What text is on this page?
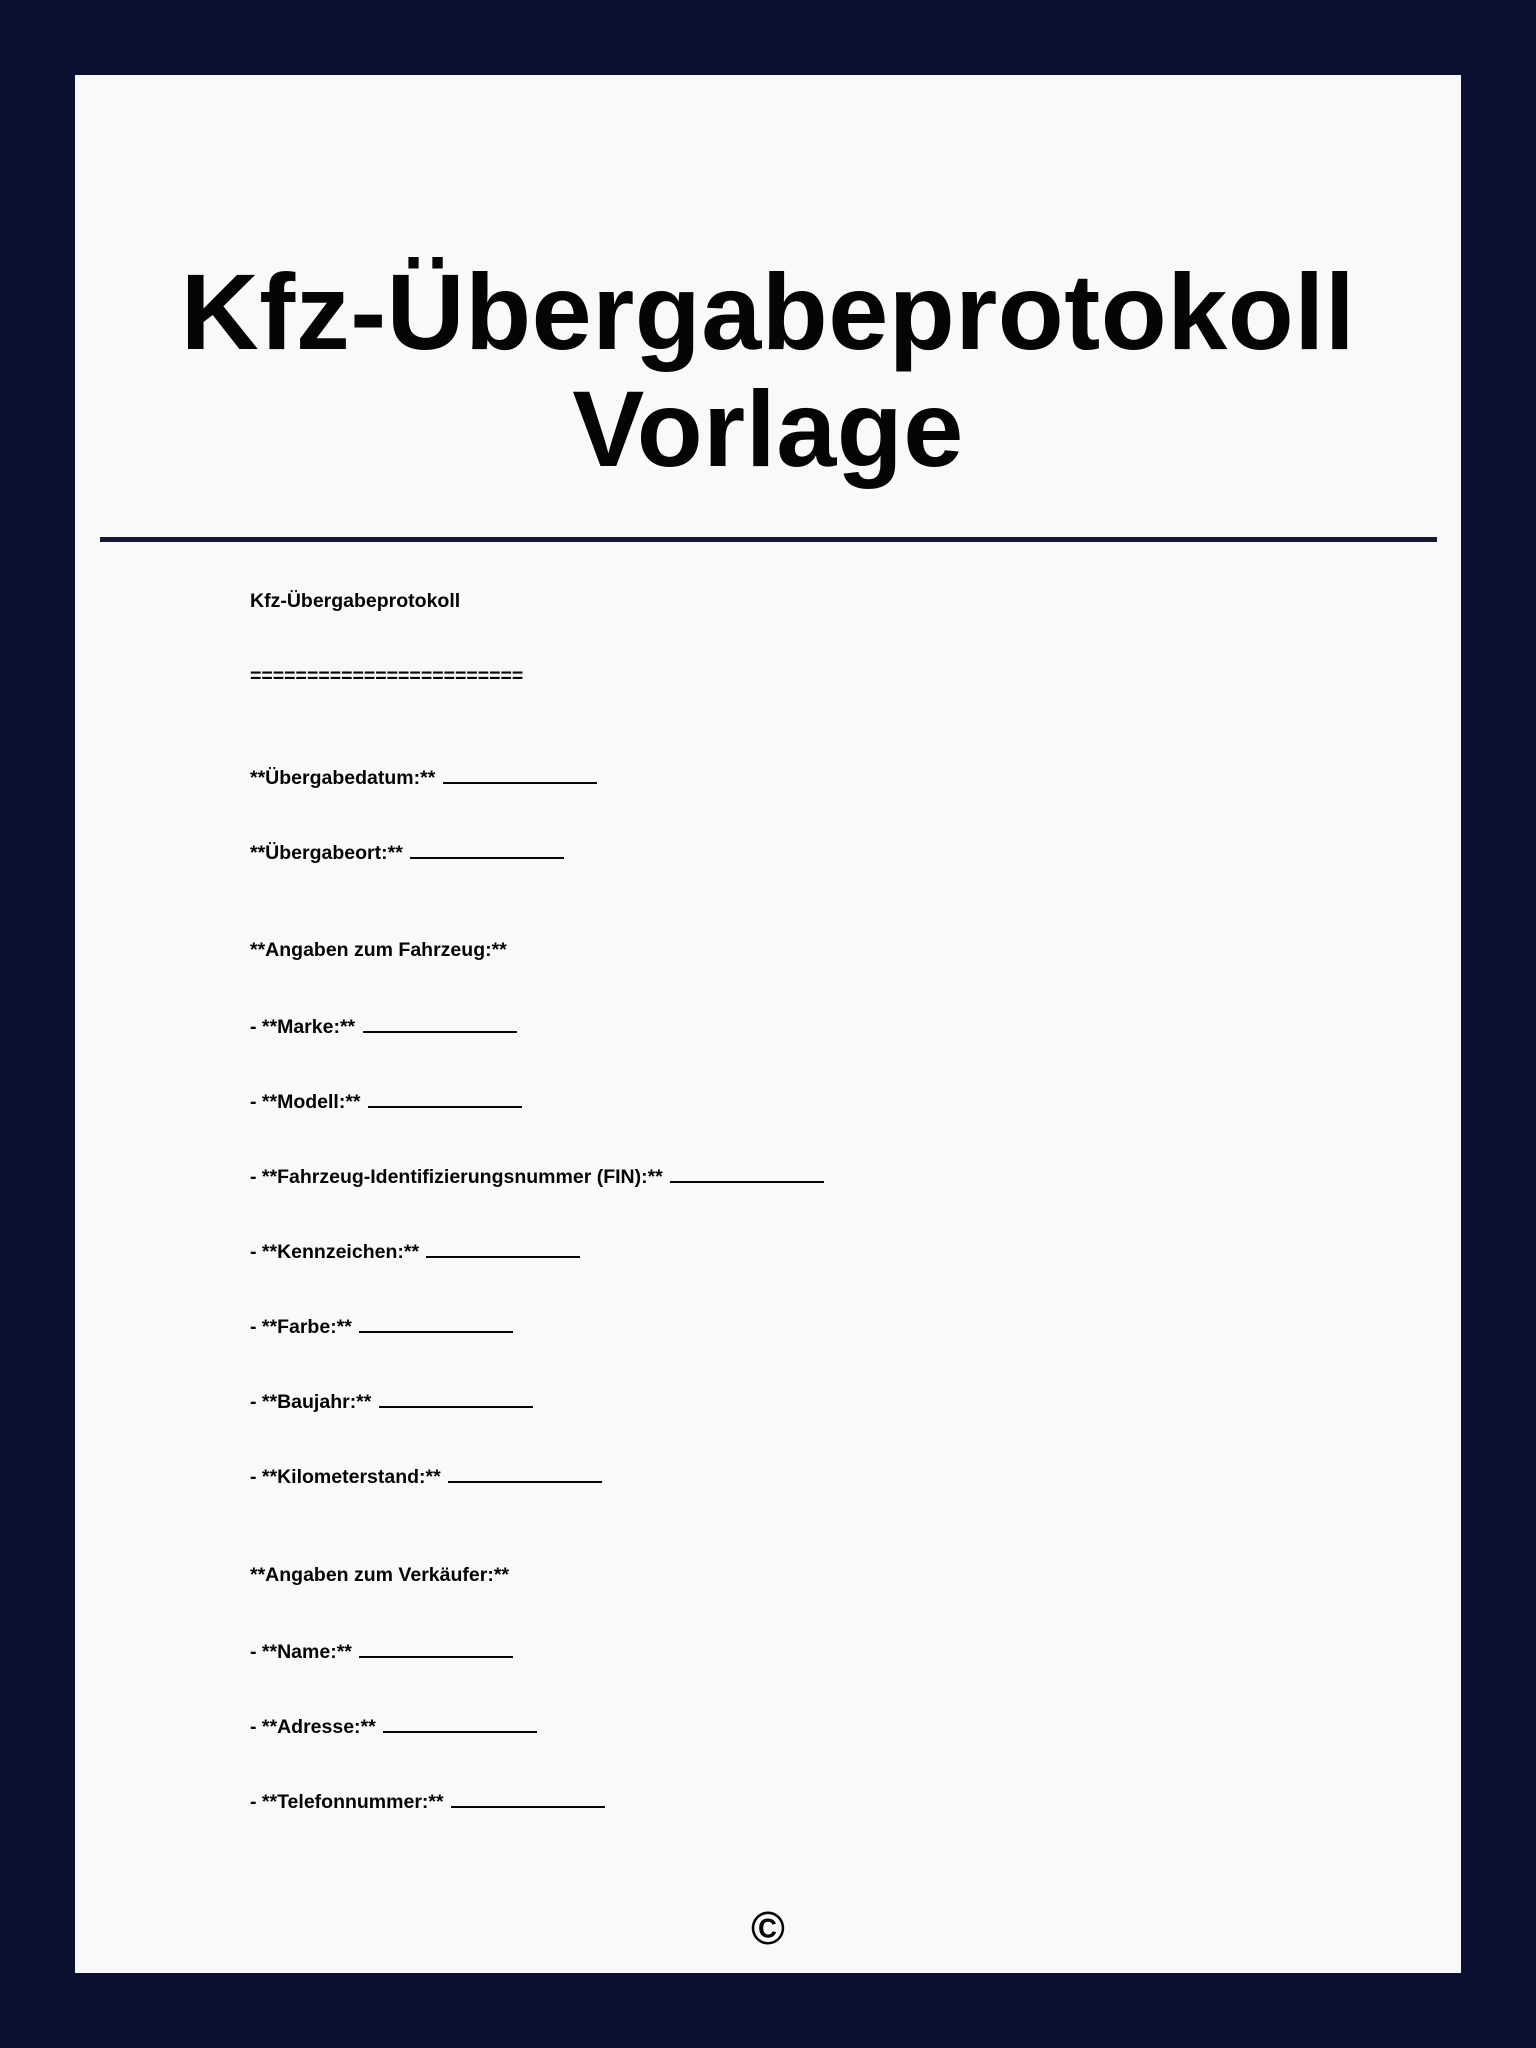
Kfz-Übergabeprotokoll
Vorlage
Kfz-Übergabeprotokoll
========================
**Übergabedatum:**
**Übergabeort:**
**Angaben zum Fahrzeug:**
- **Marke:**
- **Modell:**
- **Fahrzeug-Identifizierungsnummer (FIN):**
- **Kennzeichen:**
- **Farbe:**
- **Baujahr:**
- **Kilometerstand:**
**Angaben zum Verkäufer:**
- **Name:**
- **Adresse:**
- **Telefonnummer:**
©
